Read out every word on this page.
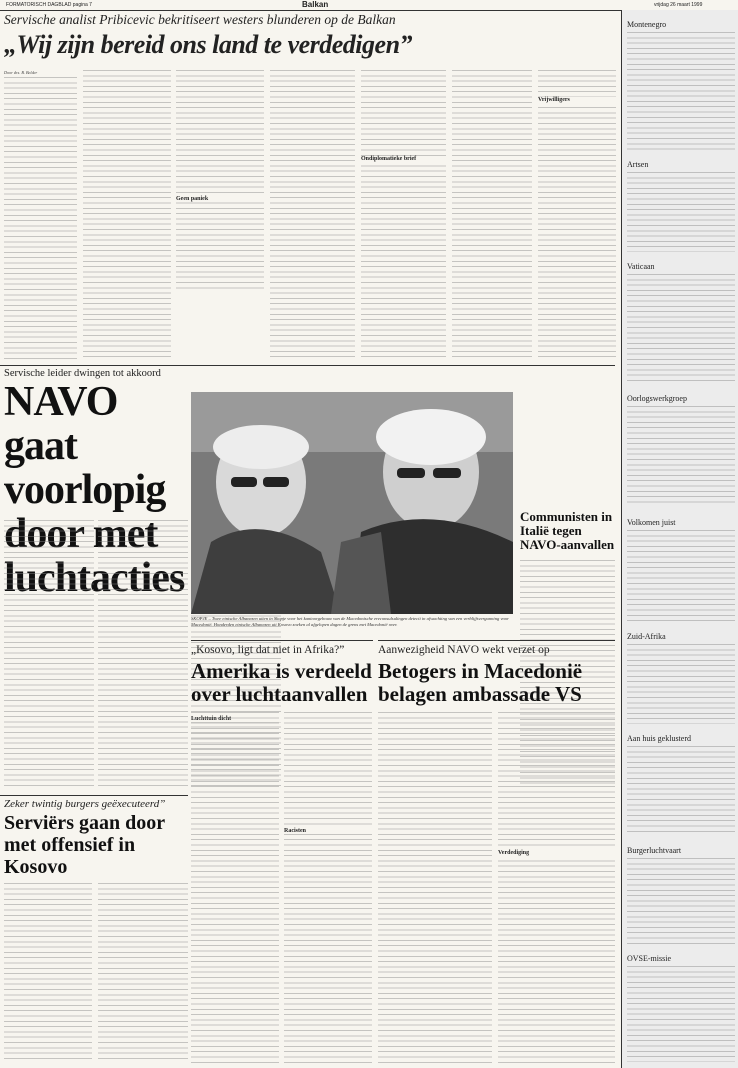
FORMATORISCH DAGBLAD pagina 7	Balkan	vrijdag 26 maart 1999
Servische analist Pribicevic bekritiseert westers blunderen op de Balkan
„Wij zijn bereid ons land te verdedigen”

Door drs. B. Belder

Geen paniek
Ondiplomatieke brief
Vrijwilligers
Servische leider dwingen tot akkoord
NAVO gaat voorlopig door met luchtacties
Luchttuin dicht
SKOPJE – Twee etnische Albanezen uiten in Skopje voor het kantoorgebouw van de Macedonische ereconsulsulingen detecti in afwachting van een verblijfsvergunning voor Macedonië. Honderden etnische Albanezen uit Kosovo zoeken al afgelopen dagen de grens met Macedonië over.
Communisten in Italië tegen NAVO-aanvallen
Zeker twintig burgers geëxecuteerd”
Serviërs gaan door met offensief in Kosovo
„Kosovo, ligt dat niet in Afrika?”
Amerika is verdeeld over luchtaanvallen
Racisten
Aanwezigheid NAVO wekt verzet op
Betogers in Macedonië belagen ambassade VS
Verdediging
Montenegro
Artsen
Vaticaan
Oorlogswerkgroep
Volkomen juist
Zuid-Afrika
Aan huis geklusterd
Burgerluchtvaart
OVSE-missie
